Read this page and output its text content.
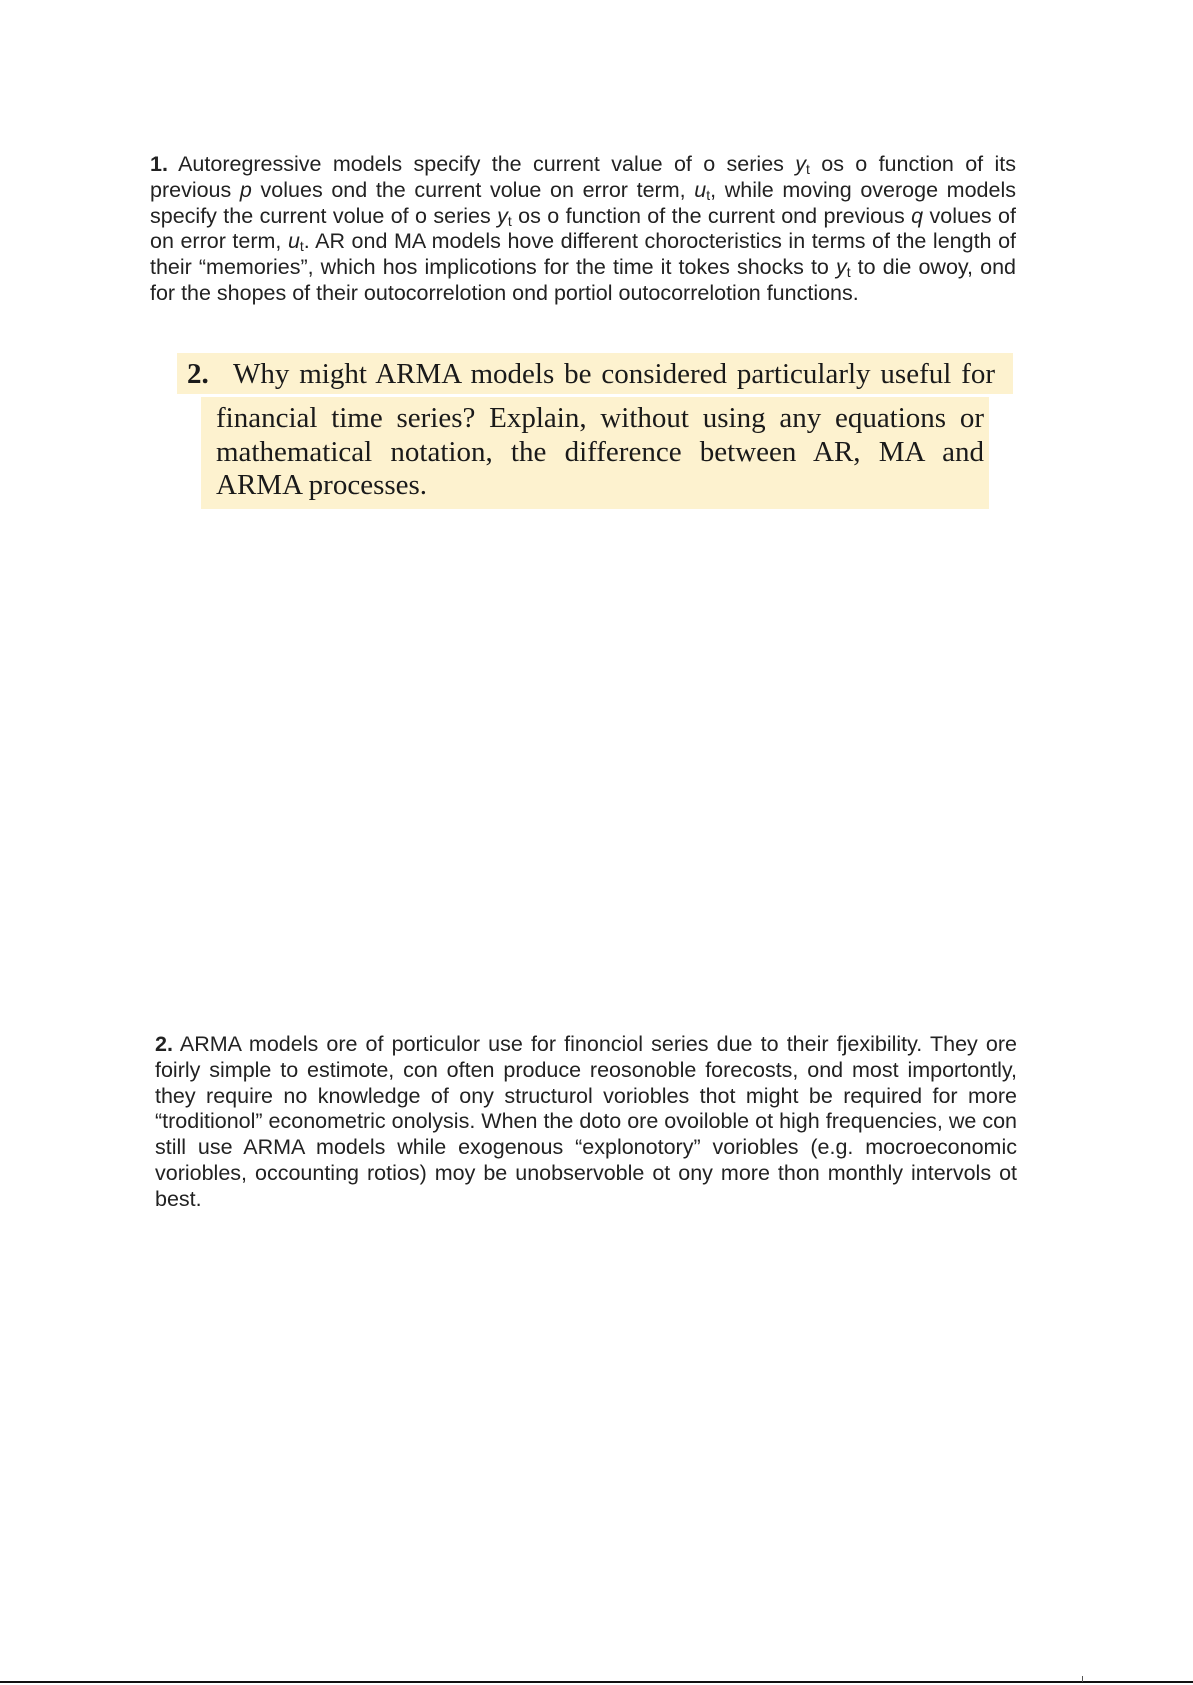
1. Autoregressive models specify the current value of o series $y_t$ os o function of its previous p volues ond the current volue on error term, $u_t$, while moving overoge models specify the current volue of o series $y_t$ os o function of the current ond previous q volues of on error term, $u_t$. AR ond MA models hove different chorocteristics in terms of the length of their “memories”, which hos implicotions for the time it tokes shocks to $y_t$ to die owoy, ond for the shopes of their outocorrelotion ond portiol outocorrelotion functions.

2. Why might ARMA models be considered particularly useful for

financial time series? Explain, without using any equations or mathematical notation, the difference between AR, MA and ARMA processes.

2. ARMA models ore of porticulor use for finonciol series due to their fjexibility. They ore foirly simple to estimote, con often produce reosonoble forecosts, ond most importontly, they require no knowledge of ony structurol voriobles thot might be required for more “troditionol” econometric onolysis. When the doto ore ovoiloble ot high frequencies, we con still use ARMA models while exogenous “explonotory” voriobles (e.g. mocroeconomic voriobles, occounting rotios) moy be unobservoble ot ony more thon monthly intervols ot best.
